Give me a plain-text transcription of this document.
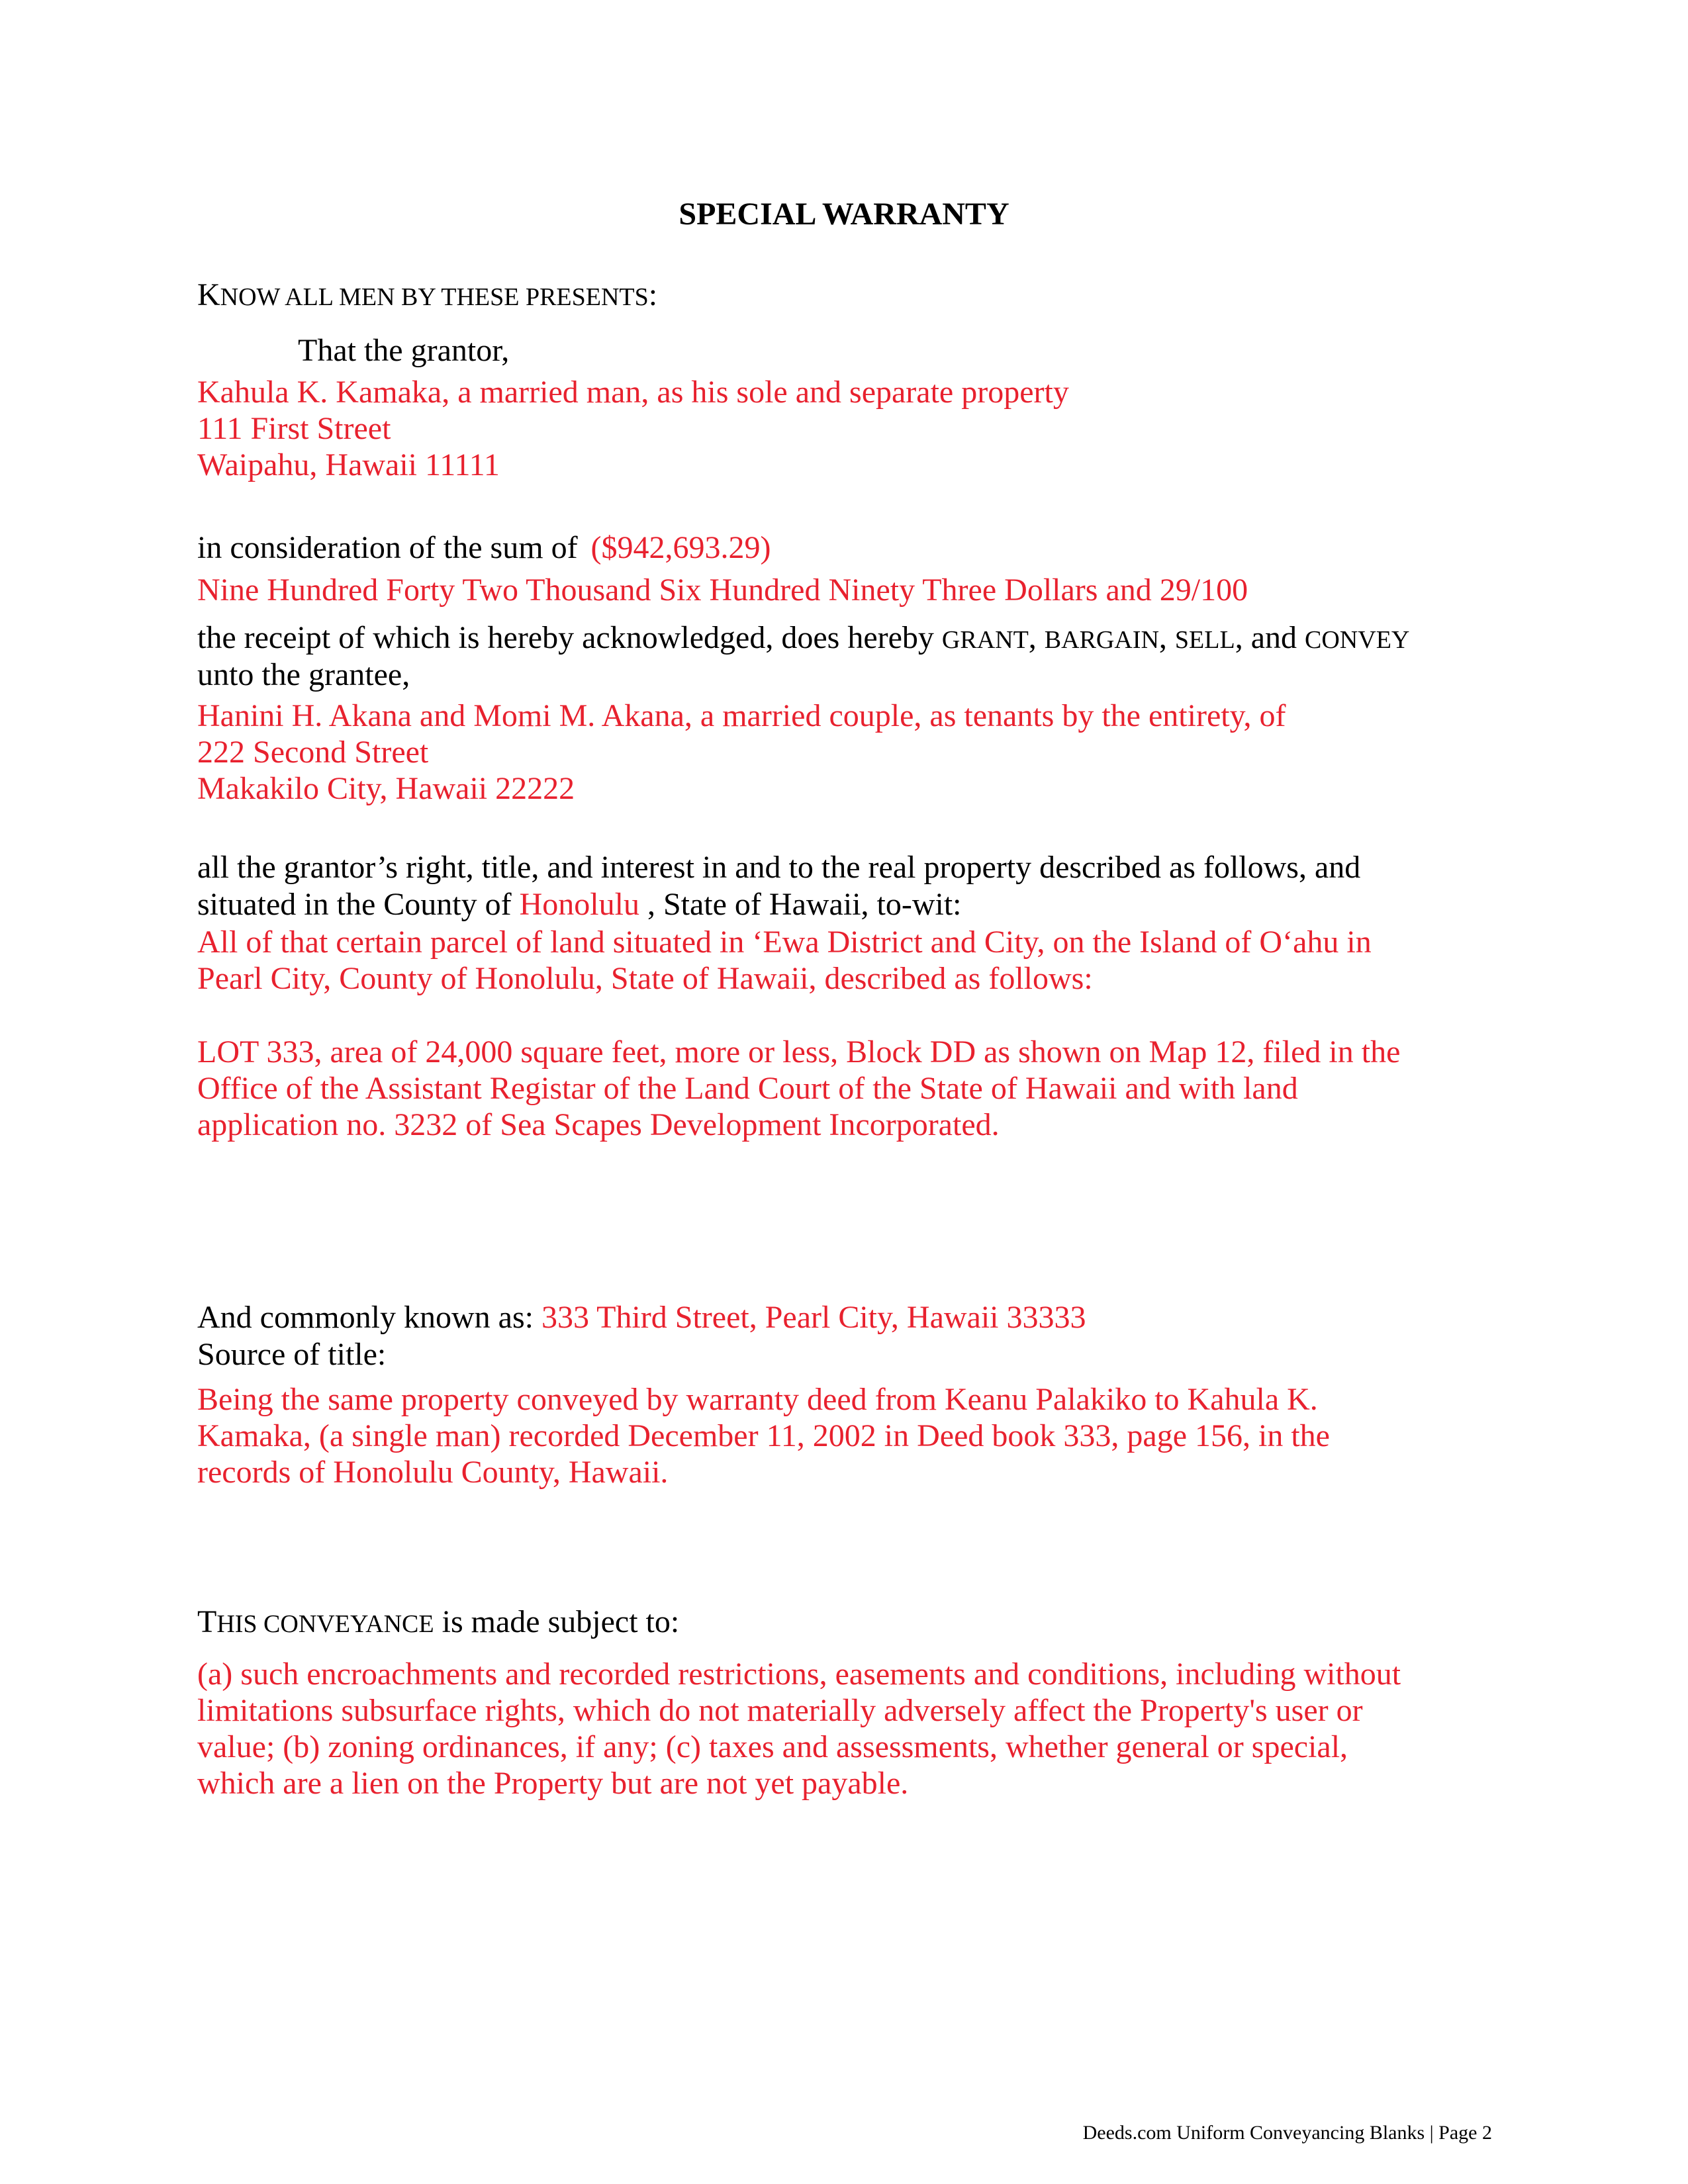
SPECIAL WARRANTY
KNOW ALL MEN BY THESE PRESENTS:
That the grantor,
Kahula K. Kamaka, a married man, as his sole and separate property
111 First Street
Waipahu, Hawaii 11111
in consideration of the sum of ($942,693.29)
Nine Hundred Forty Two Thousand Six Hundred Ninety Three Dollars and 29/100
the receipt of which is hereby acknowledged, does hereby GRANT, BARGAIN, SELL, and CONVEY
unto the grantee,
Hanini H. Akana and Momi M. Akana, a married couple, as tenants by the entirety, of
222 Second Street
Makakilo City, Hawaii 22222
all the grantor’s right, title, and interest in and to the real property described as follows, and
situated in the County of Honolulu , State of Hawaii, to-wit:
All of that certain parcel of land situated in ‘Ewa District and City, on the Island of O‘ahu in
Pearl City, County of Honolulu, State of Hawaii, described as follows:
LOT 333, area of 24,000 square feet, more or less, Block DD as shown on Map 12, filed in the
Office of the Assistant Registar of the Land Court of the State of Hawaii and with land
application no. 3232 of Sea Scapes Development Incorporated.
And commonly known as: 333 Third Street, Pearl City, Hawaii 33333
Source of title:
Being the same property conveyed by warranty deed from Keanu Palakiko to Kahula K.
Kamaka, (a single man) recorded December 11, 2002 in Deed book 333, page 156, in the
records of Honolulu County, Hawaii.
THIS CONVEYANCE is made subject to:
(a) such encroachments and recorded restrictions, easements and conditions, including without
limitations subsurface rights, which do not materially adversely affect the Property's user or
value; (b) zoning ordinances, if any; (c) taxes and assessments, whether general or special,
which are a lien on the Property but are not yet payable.
Deeds.com Uniform Conveyancing Blanks | Page 2
